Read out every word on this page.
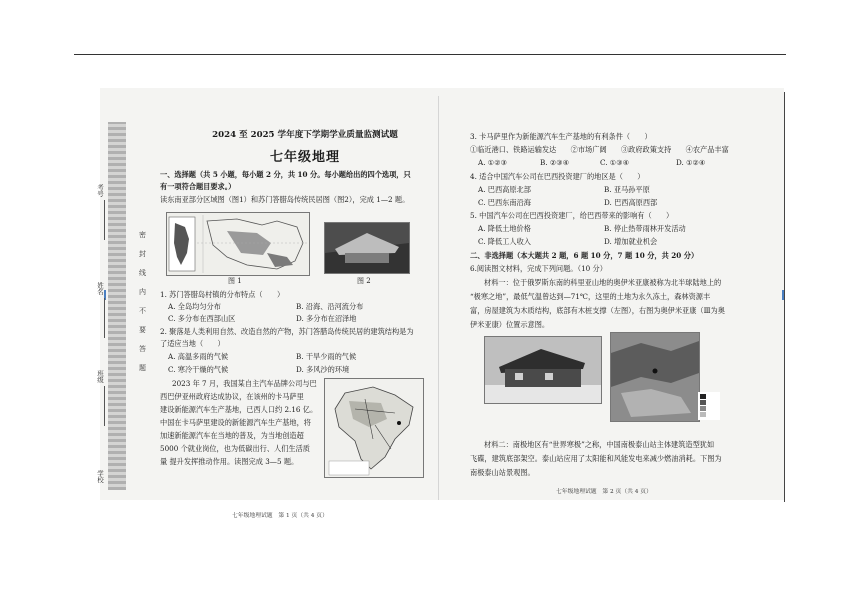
考号
姓名
班级
学校
密
封
线
内
不
要
答
题
2024 至 2025 学年度下学期学业质量监测试题
七年级地理
一、选择题（共 5 小题，每小题 2 分，共 10 分。每小题给出的四个选项，只
有一项符合题目要求。）
读东南亚部分区域图（图1）和苏门答腊岛传统民居图（图2），完成 1—2 题。
图 1	图 2
1. 苏门答腊岛村镇的分布特点（　　）
A. 全岛均匀分布	B. 沿海、沿河流分布
C. 多分布在西部山区	D. 多分布在沼泽地
2. 聚落是人类利用自然、改造自然的产物，苏门答腊岛传统民居的建筑结构是为
了适应当地（　　）
A. 高温多雨的气候	B. 干旱少雨的气候
C. 寒冷干燥的气候	D. 多风沙的环境
2023 年 7 月，我国某自主汽车品牌公司与巴
西巴伊亚州政府达成协议，在该州的卡马萨里
建设新能源汽车生产基地，已西人口约 2.16 亿。
中国在卡马萨里建设的新能源汽车生产基地，将
加速新能源汽车在当地的普及，为当地创造超
5000 个就业岗位，也为低碳出行、人们生活质
量 提升发挥推动作用。读图完成 3—5 题。
七年级地理试题　第 1 页（共 4 页）
3. 卡马萨里作为新能源汽车生产基地的有利条件（　　）
①临近港口、铁路运输发达　　②市场广阔　　③政府政策支持　　④农产品丰富
A. ①②③	B. ②③④	C. ①③④	D. ①②④
4. 适合中国汽车公司在巴西投资建厂的地区是（　　）
A. 巴西高原北部	B. 亚马孙平原
C. 巴西东南沿海	D. 巴西高原西部
5. 中国汽车公司在巴西投资建厂，给巴西带来的影响有（　　）
A. 降低土地价格	B. 停止热带雨林开发活动
C. 降低工人收入	D. 增加就业机会
二、非选择题（本大题共 2 题，6 题 10 分，7 题 10 分，共 20 分）
6.阅读图文材料，完成下列问题。（10 分）
材料一：位于俄罗斯东南的科里亚山地的奥伊米亚康被称为北半球陆地上的
“极寒之地”，最低气温曾达到—71℃，这里的土地为永久冻土，森林资源丰
富，房屋建筑为木质结构，底部有木桩支撑（左图），右图为奥伊米亚康（Ⅲ为奥
伊米亚康）位置示意图。
材料二：南极地区有“世界寒极”之称，中国南极泰山站主体建筑造型犹如
飞碟，建筑底部架空。泰山站应用了太阳能和风能发电来减少燃油消耗。下图为
南极泰山站景观图。
七年级地理试题　第 2 页（共 4 页）
